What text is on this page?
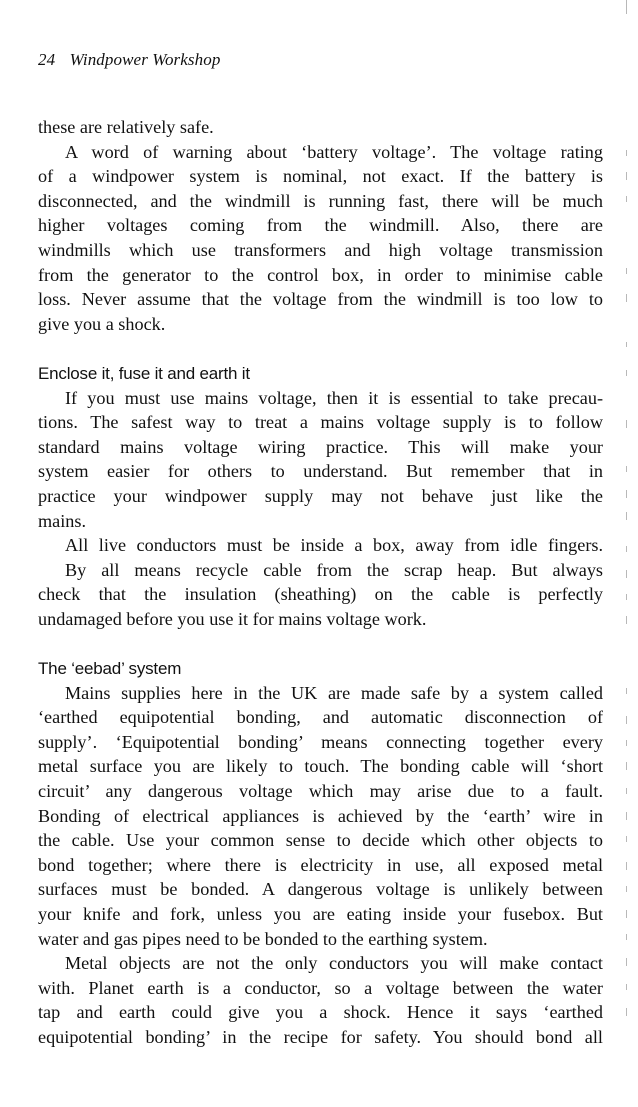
24 Windpower Workshop
these are relatively safe.
A word of warning about ‘battery voltage’. The voltage rating
of a windpower system is nominal, not exact. If the battery is
disconnected, and the windmill is running fast, there will be much
higher voltages coming from the windmill. Also, there are
windmills which use transformers and high voltage transmission
from the generator to the control box, in order to minimise cable
loss. Never assume that the voltage from the windmill is too low to
give you a shock.
Enclose it, fuse it and earth it
If you must use mains voltage, then it is essential to take precau-
tions. The safest way to treat a mains voltage supply is to follow
standard mains voltage wiring practice. This will make your
system easier for others to understand. But remember that in
practice your windpower supply may not behave just like the
mains.
All live conductors must be inside a box, away from idle fingers.
By all means recycle cable from the scrap heap. But always
check that the insulation (sheathing) on the cable is perfectly
undamaged before you use it for mains voltage work.
The ‘eebad’ system
Mains supplies here in the UK are made safe by a system called
‘earthed equipotential bonding, and automatic disconnection of
supply’. ‘Equipotential bonding’ means connecting together every
metal surface you are likely to touch. The bonding cable will ‘short
circuit’ any dangerous voltage which may arise due to a fault.
Bonding of electrical appliances is achieved by the ‘earth’ wire in
the cable. Use your common sense to decide which other objects to
bond together; where there is electricity in use, all exposed metal
surfaces must be bonded. A dangerous voltage is unlikely between
your knife and fork, unless you are eating inside your fusebox. But
water and gas pipes need to be bonded to the earthing system.
Metal objects are not the only conductors you will make contact
with. Planet earth is a conductor, so a voltage between the water
tap and earth could give you a shock. Hence it says ‘earthed
equipotential bonding’ in the recipe for safety. You should bond all
